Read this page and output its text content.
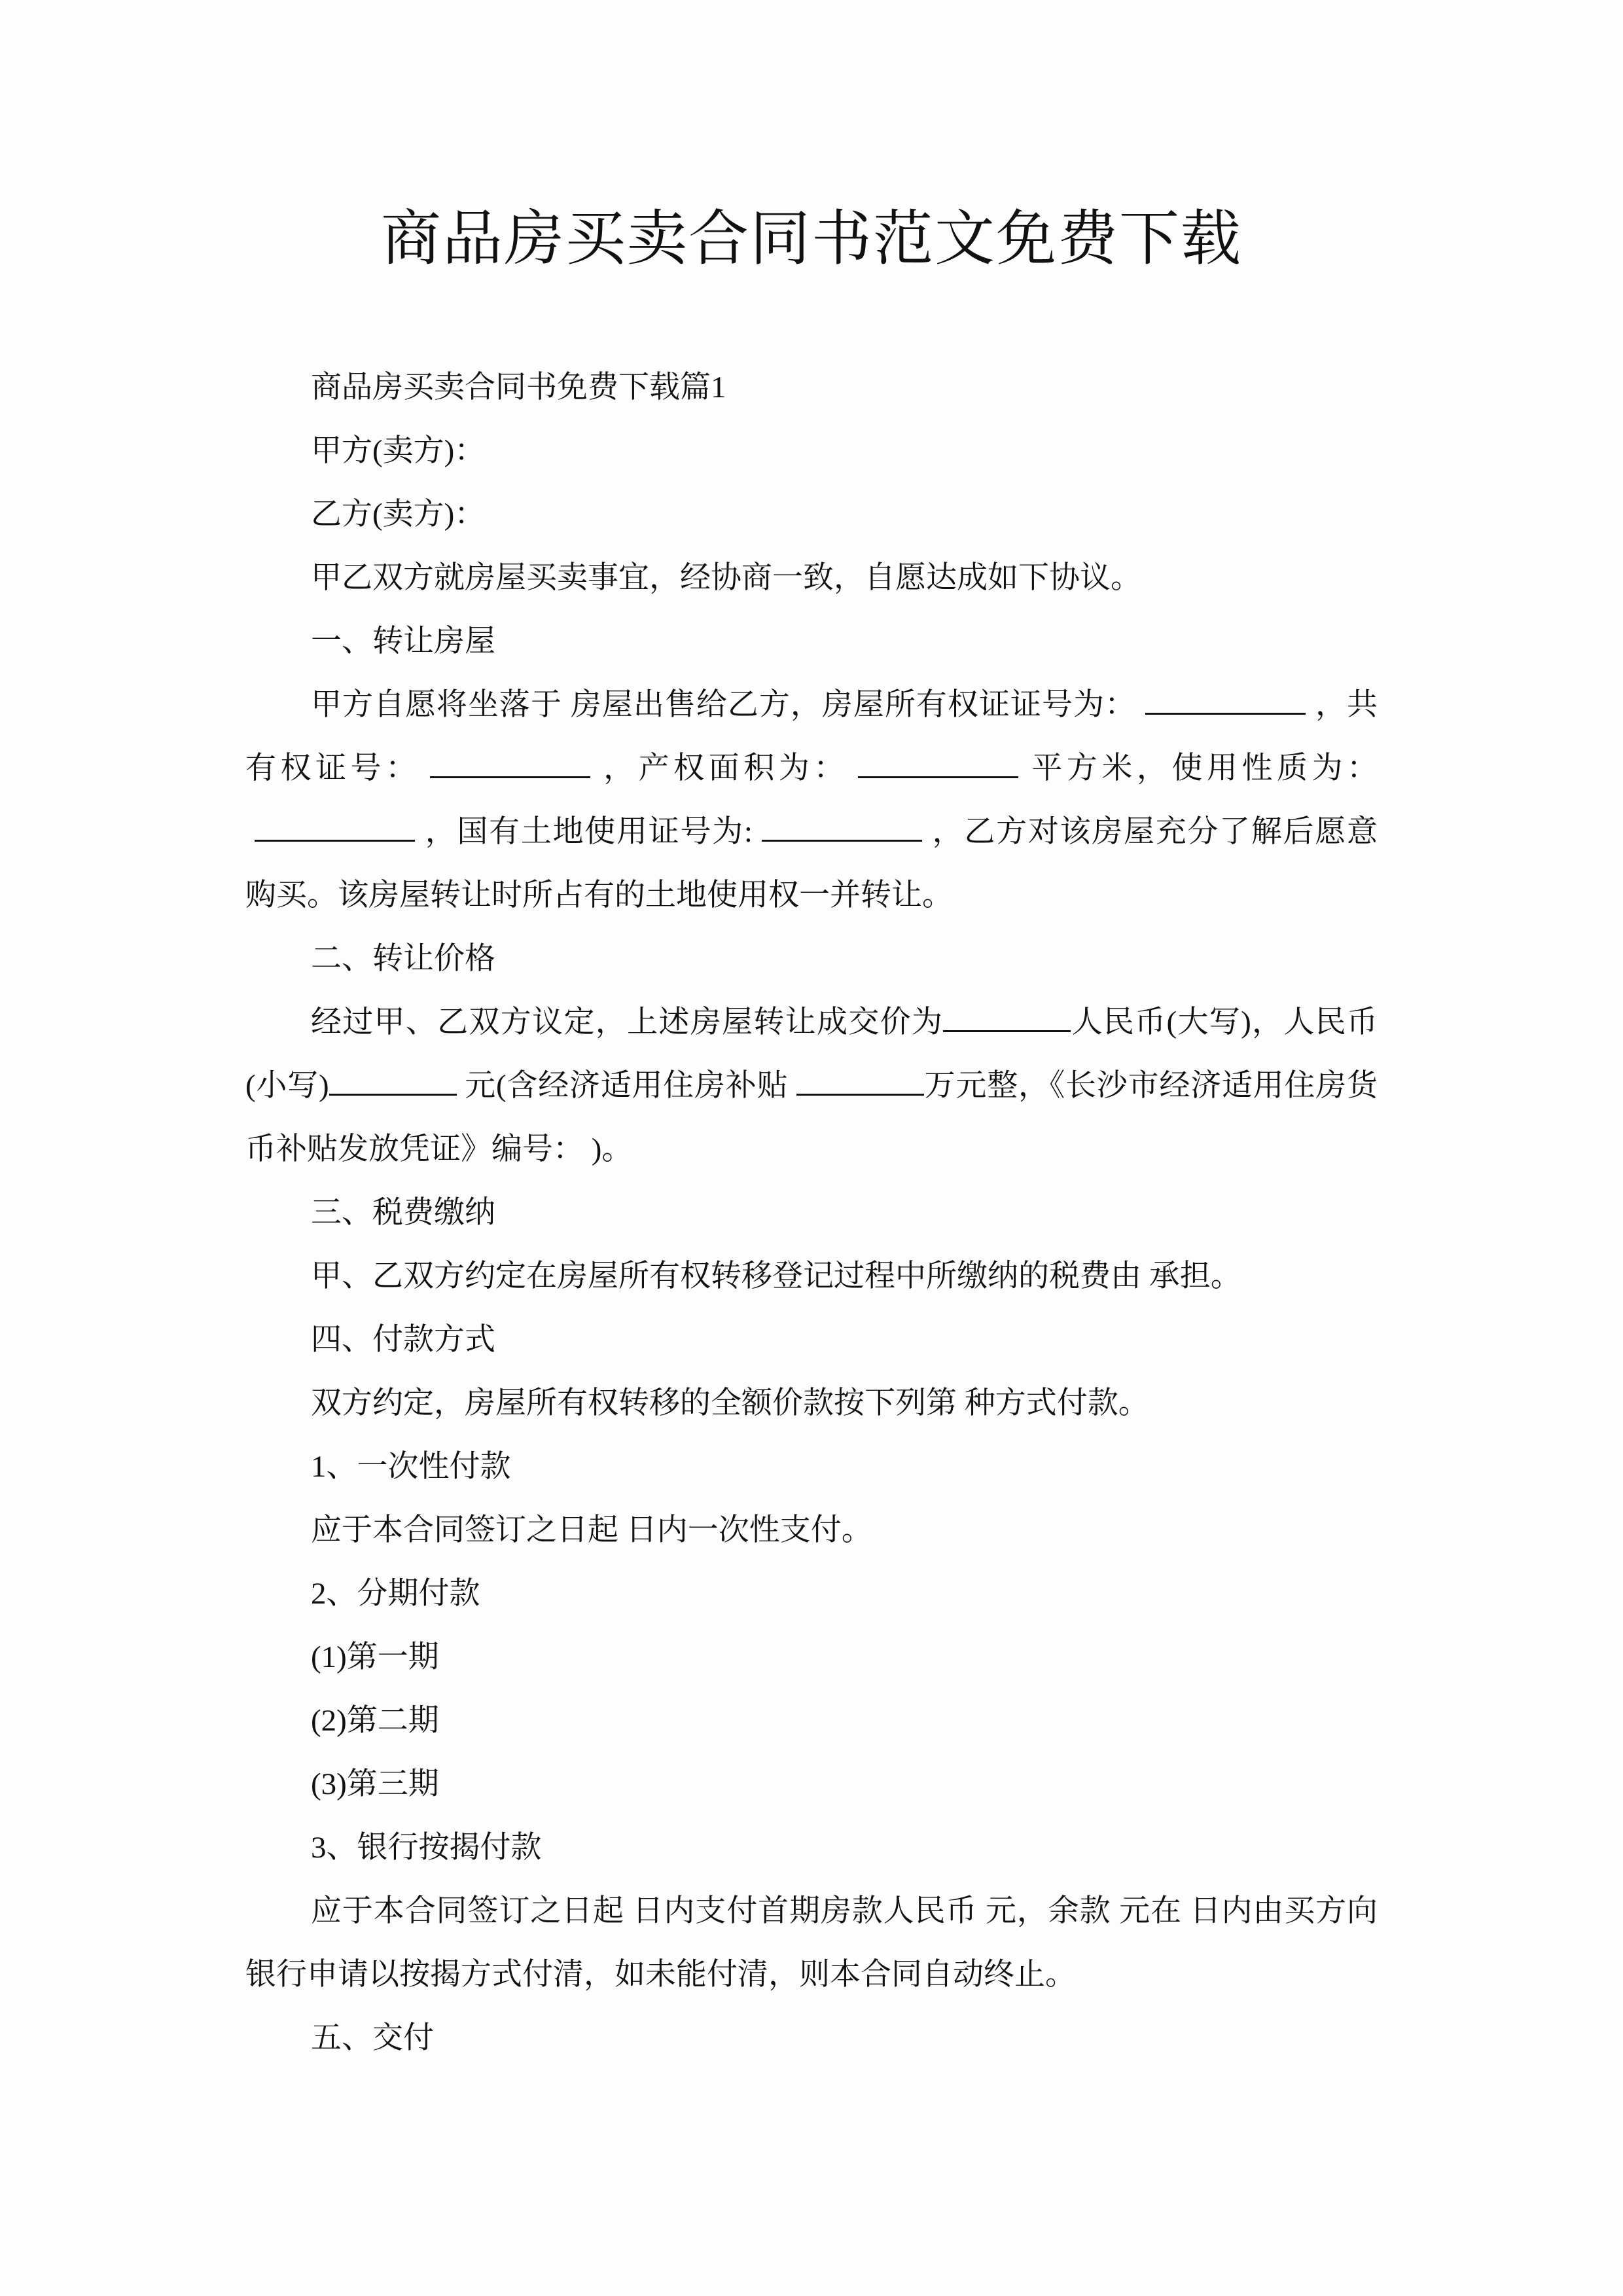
商品房买卖合同书范文免费下载

商品房买卖合同书免费下载篇1

甲方(卖方)：

乙方(卖方)：

甲乙双方就房屋买卖事宜，经协商一致，自愿达成如下协议。

一、转让房屋

甲方自愿将坐落于 房屋出售给乙方，房屋所有权证证号为：	，共有权证号：	，产权面积为：	平方米，使用性质为：，国有土地使用证号为:	，乙方对该房屋充分了解后愿意购买。该房屋转让时所占有的土地使用权一并转让。

二、转让价格

经过甲、乙双方议定，上述房屋转让成交价为	人民币(大写)，人民币(小写)	元(含经济适用住房补贴	万元整，《长沙市经济适用住房货币补贴发放凭证》编号： )。

三、税费缴纳

甲、乙双方约定在房屋所有权转移登记过程中所缴纳的税费由 承担。

四、付款方式

双方约定，房屋所有权转移的全额价款按下列第 种方式付款。

1、一次性付款

应于本合同签订之日起 日内一次性支付。

2、分期付款

(1)第一期

(2)第二期

(3)第三期

3、银行按揭付款

应于本合同签订之日起 日内支付首期房款人民币 元，余款 元在 日内由买方向银行申请以按揭方式付清，如未能付清，则本合同自动终止。

五、交付
